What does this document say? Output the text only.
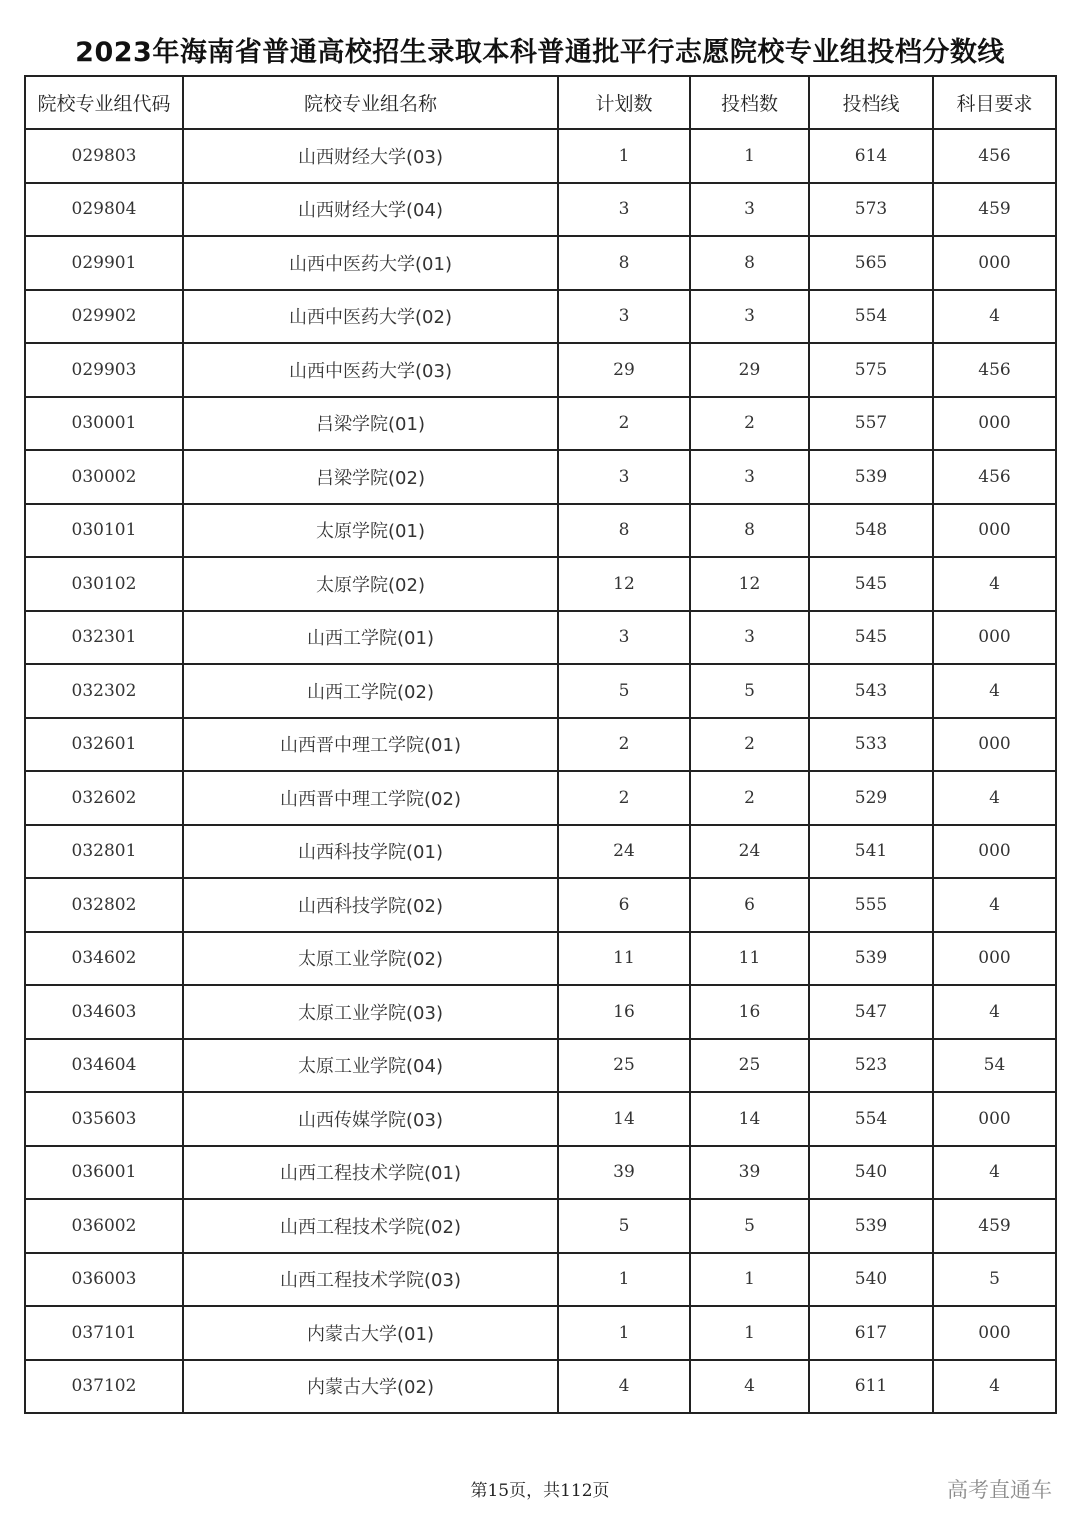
2023年海南省普通高校招生录取本科普通批平行志愿院校专业组投档分数线
院校专业组代码	院校专业组名称	计划数	投档数	投档线	科目要求
029803	山西财经大学(03)	1	1	614	456
029804	山西财经大学(04)	3	3	573	459
029901	山西中医药大学(01)	8	8	565	000
029902	山西中医药大学(02)	3	3	554	4
029903	山西中医药大学(03)	29	29	575	456
030001	吕梁学院(01)	2	2	557	000
030002	吕梁学院(02)	3	3	539	456
030101	太原学院(01)	8	8	548	000
030102	太原学院(02)	12	12	545	4
032301	山西工学院(01)	3	3	545	000
032302	山西工学院(02)	5	5	543	4
032601	山西晋中理工学院(01)	2	2	533	000
032602	山西晋中理工学院(02)	2	2	529	4
032801	山西科技学院(01)	24	24	541	000
032802	山西科技学院(02)	6	6	555	4
034602	太原工业学院(02)	11	11	539	000
034603	太原工业学院(03)	16	16	547	4
034604	太原工业学院(04)	25	25	523	54
035603	山西传媒学院(03)	14	14	554	000
036001	山西工程技术学院(01)	39	39	540	4
036002	山西工程技术学院(02)	5	5	539	459
036003	山西工程技术学院(03)	1	1	540	5
037101	内蒙古大学(01)	1	1	617	000
037102	内蒙古大学(02)	4	4	611	4
第15页，共112页	高考直通车
